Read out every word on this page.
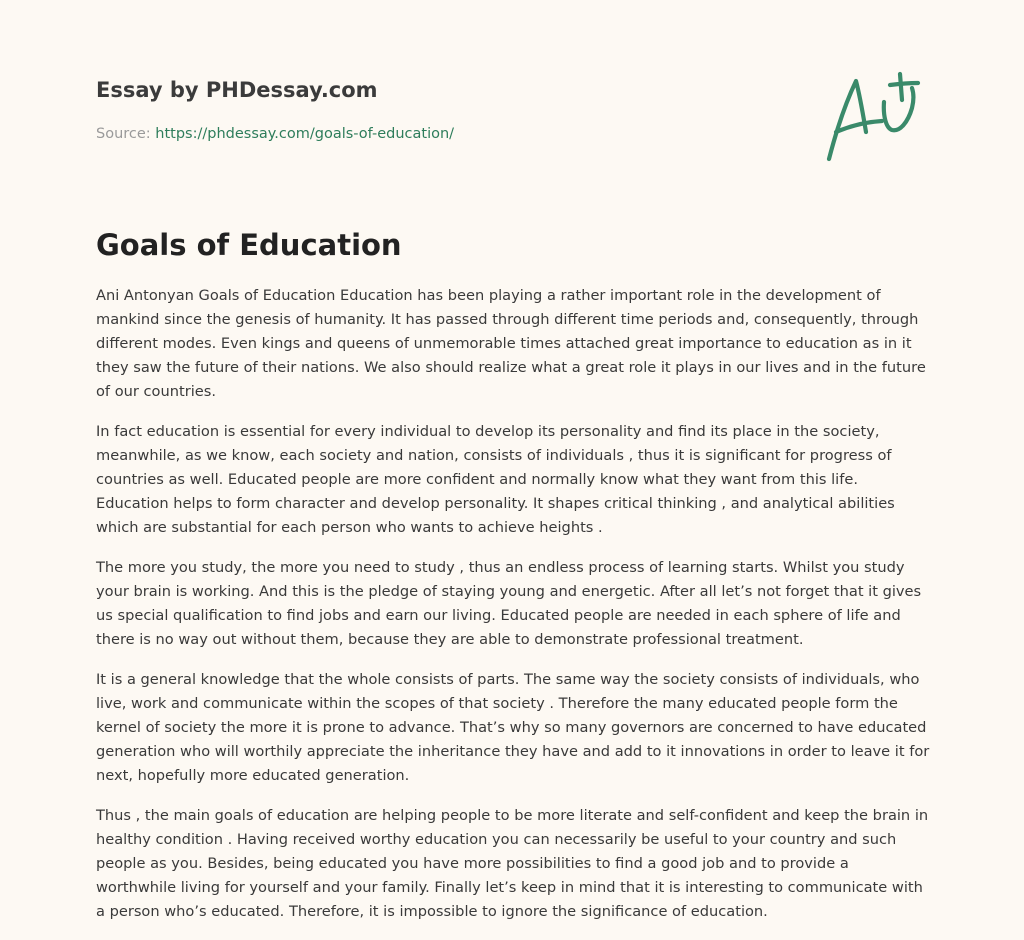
Essay by PHDessay.com
Source: https://phdessay.com/goals-of-education/
Goals of Education

Ani Antonyan Goals of Education Education has been playing a rather important role in the development of mankind since the genesis of humanity. It has passed through different time periods and, consequently, through different modes. Even kings and queens of unmemorable times attached great importance to education as in it they saw the future of their nations. We also should realize what a great role it plays in our lives and in the future of our countries.

In fact education is essential for every individual to develop its personality and find its place in the society, meanwhile, as we know, each society and nation, consists of individuals , thus it is significant for progress of countries as well. Educated people are more confident and normally know what they want from this life. Education helps to form character and develop personality. It shapes critical thinking , and analytical abilities which are substantial for each person who wants to achieve heights .

The more you study, the more you need to study , thus an endless process of learning starts. Whilst you study your brain is working. And this is the pledge of staying young and energetic. After all let’s not forget that it gives us special qualification to find jobs and earn our living. Educated people are needed in each sphere of life and there is no way out without them, because they are able to demonstrate professional treatment.

It is a general knowledge that the whole consists of parts. The same way the society consists of individuals, who live, work and communicate within the scopes of that society . Therefore the many educated people form the kernel of society the more it is prone to advance. That’s why so many governors are concerned to have educated generation who will worthily appreciate the inheritance they have and add to it innovations in order to leave it for next, hopefully more educated generation.

Thus , the main goals of education are helping people to be more literate and self-confident and keep the brain in healthy condition . Having received worthy education you can necessarily be useful to your country and such people as you. Besides, being educated you have more possibilities to find a good job and to provide a worthwhile living for yourself and your family. Finally let’s keep in mind that it is interesting to communicate with a person who’s educated. Therefore, it is impossible to ignore the significance of education.
